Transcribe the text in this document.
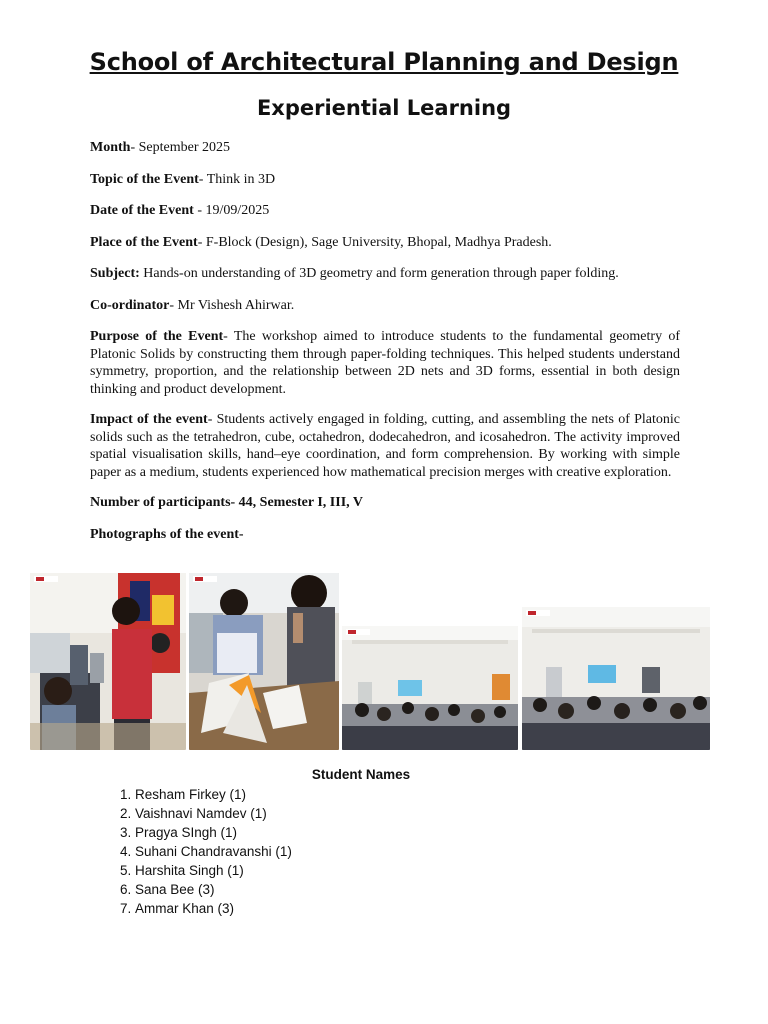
School of Architectural Planning and Design
Experiential Learning

Month- September 2025

Topic of the Event- Think in 3D

Date of the Event - 19/09/2025

Place of the Event- F-Block (Design), Sage University, Bhopal, Madhya Pradesh.

Subject: Hands-on understanding of 3D geometry and form generation through paper folding.

Co-ordinator- Mr Vishesh Ahirwar.

Purpose of the Event- The workshop aimed to introduce students to the fundamental geometry of Platonic Solids by constructing them through paper-folding techniques. This helped students understand symmetry, proportion, and the relationship between 2D nets and 3D forms, essential in both design thinking and product development.

Impact of the event- Students actively engaged in folding, cutting, and assembling the nets of Platonic solids such as the tetrahedron, cube, octahedron, dodecahedron, and icosahedron. The activity improved spatial visualisation skills, hand–eye coordination, and form comprehension. By working with simple paper as a medium, students experienced how mathematical precision merges with creative exploration.

Number of participants- 44, Semester I, III, V

Photographs of the event-

Student Names
1. Resham Firkey (1)
2. Vaishnavi Namdev (1)
3. Pragya SIngh (1)
4. Suhani Chandravanshi (1)
5. Harshita Singh (1)
6. Sana Bee (3)
7. Ammar Khan (3)
